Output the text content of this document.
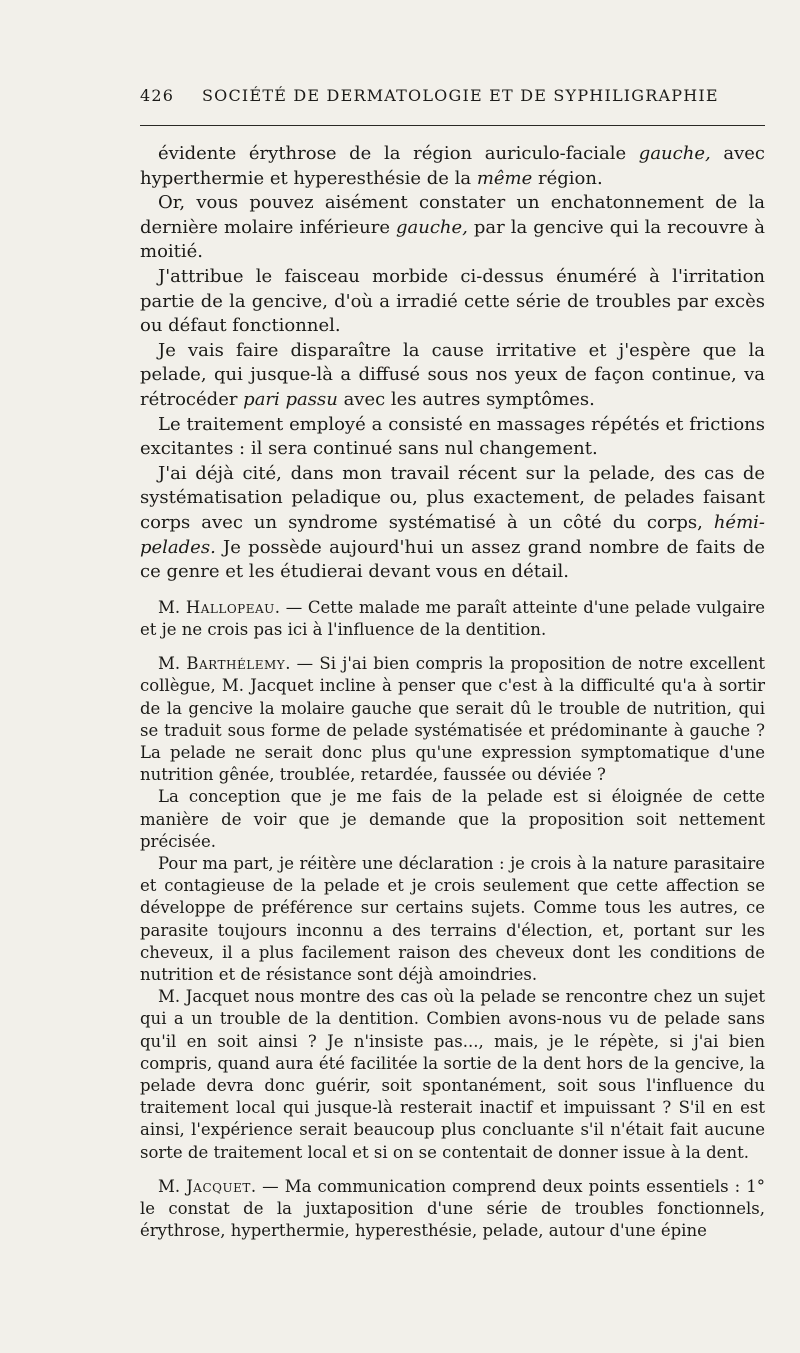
426 SOCIÉTÉ DE DERMATOLOGIE ET DE SYPHILIGRAPHIE

évidente érythrose de la région auriculo-faciale gauche, avec hyperthermie et hyperesthésie de la même région.

Or, vous pouvez aisément constater un enchatonnement de la dernière molaire inférieure gauche, par la gencive qui la recouvre à moitié.

J'attribue le faisceau morbide ci-dessus énuméré à l'irritation partie de la gencive, d'où a irradié cette série de troubles par excès ou défaut fonctionnel.

Je vais faire disparaître la cause irritative et j'espère que la pelade, qui jusque-là a diffusé sous nos yeux de façon continue, va rétrocéder pari passu avec les autres symptômes.

Le traitement employé a consisté en massages répétés et frictions excitantes : il sera continué sans nul changement.

J'ai déjà cité, dans mon travail récent sur la pelade, des cas de systématisation peladique ou, plus exactement, de pelades faisant corps avec un syndrome systématisé à un côté du corps, hémi-pelades. Je possède aujourd'hui un assez grand nombre de faits de ce genre et les étudierai devant vous en détail.

M. Hallopeau. — Cette malade me paraît atteinte d'une pelade vulgaire et je ne crois pas ici à l'influence de la dentition.

M. Barthélemy. — Si j'ai bien compris la proposition de notre excellent collègue, M. Jacquet incline à penser que c'est à la difficulté qu'a à sortir de la gencive la molaire gauche que serait dû le trouble de nutrition, qui se traduit sous forme de pelade systématisée et prédominante à gauche ? La pelade ne serait donc plus qu'une expression symptomatique d'une nutrition gênée, troublée, retardée, faussée ou déviée ?

La conception que je me fais de la pelade est si éloignée de cette manière de voir que je demande que la proposition soit nettement précisée.

Pour ma part, je réitère une déclaration : je crois à la nature parasitaire et contagieuse de la pelade et je crois seulement que cette affection se développe de préférence sur certains sujets. Comme tous les autres, ce parasite toujours inconnu a des terrains d'élection, et, portant sur les cheveux, il a plus facilement raison des cheveux dont les conditions de nutrition et de résistance sont déjà amoindries.

M. Jacquet nous montre des cas où la pelade se rencontre chez un sujet qui a un trouble de la dentition. Combien avons-nous vu de pelade sans qu'il en soit ainsi ? Je n'insiste pas..., mais, je le répète, si j'ai bien compris, quand aura été facilitée la sortie de la dent hors de la gencive, la pelade devra donc guérir, soit spontanément, soit sous l'influence du traitement local qui jusque-là resterait inactif et impuissant ? S'il en est ainsi, l'expérience serait beaucoup plus concluante s'il n'était fait aucune sorte de traitement local et si on se contentait de donner issue à la dent.

M. Jacquet. — Ma communication comprend deux points essentiels : 1° le constat de la juxtaposition d'une série de troubles fonctionnels, érythrose, hyperthermie, hyperesthésie, pelade, autour d'une épine
